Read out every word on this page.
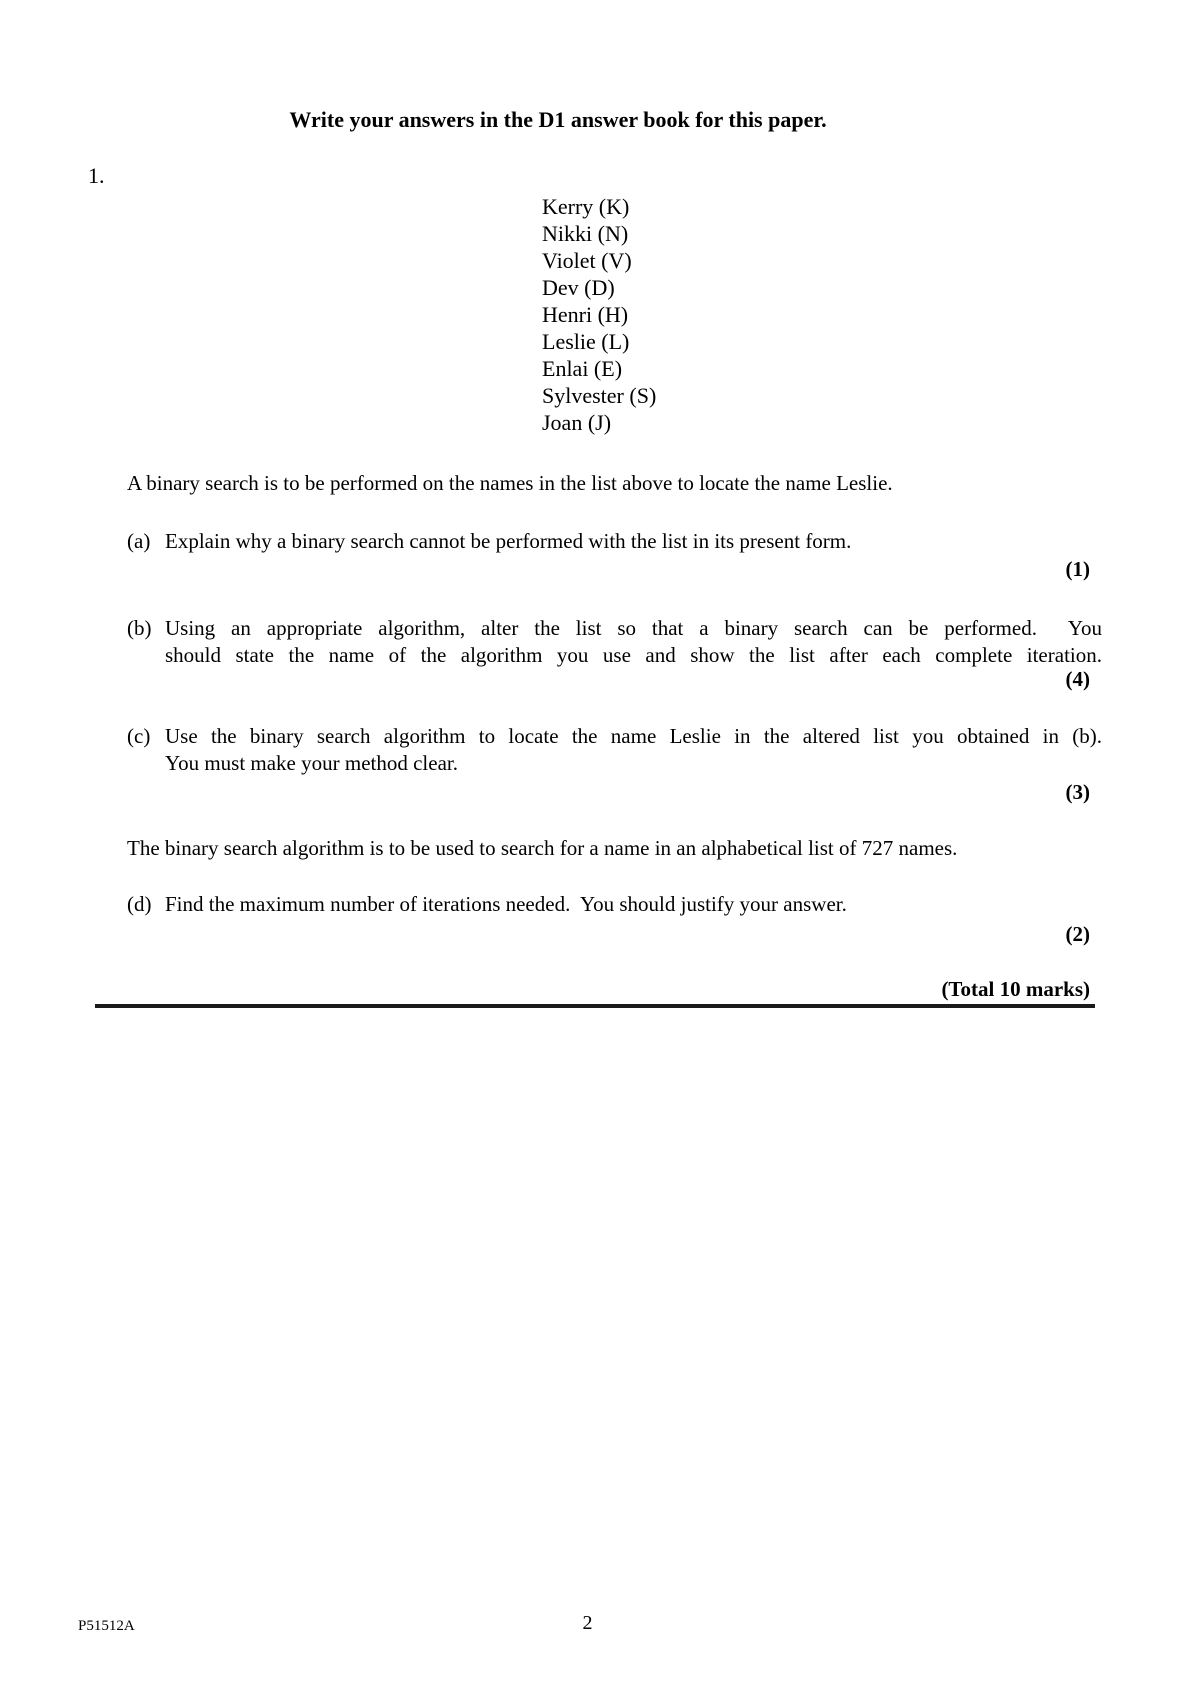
Write your answers in the D1 answer book for this paper.
1.
Kerry (K)
Nikki (N)
Violet (V)
Dev (D)
Henri (H)
Leslie (L)
Enlai (E)
Sylvester (S)
Joan (J)
A binary search is to be performed on the names in the list above to locate the name Leslie.
(a) Explain why a binary search cannot be performed with the list in its present form.
(1)
(b) Using an appropriate algorithm, alter the list so that a binary search can be performed.  You
should state the name of the algorithm you use and show the list after each complete iteration.
(4)
(c) Use the binary search algorithm to locate the name Leslie in the altered list you obtained in (b).
You must make your method clear.
(3)
The binary search algorithm is to be used to search for a name in an alphabetical list of 727 names.
(d) Find the maximum number of iterations needed.  You should justify your answer.
(2)
(Total 10 marks)
P51512A	2
